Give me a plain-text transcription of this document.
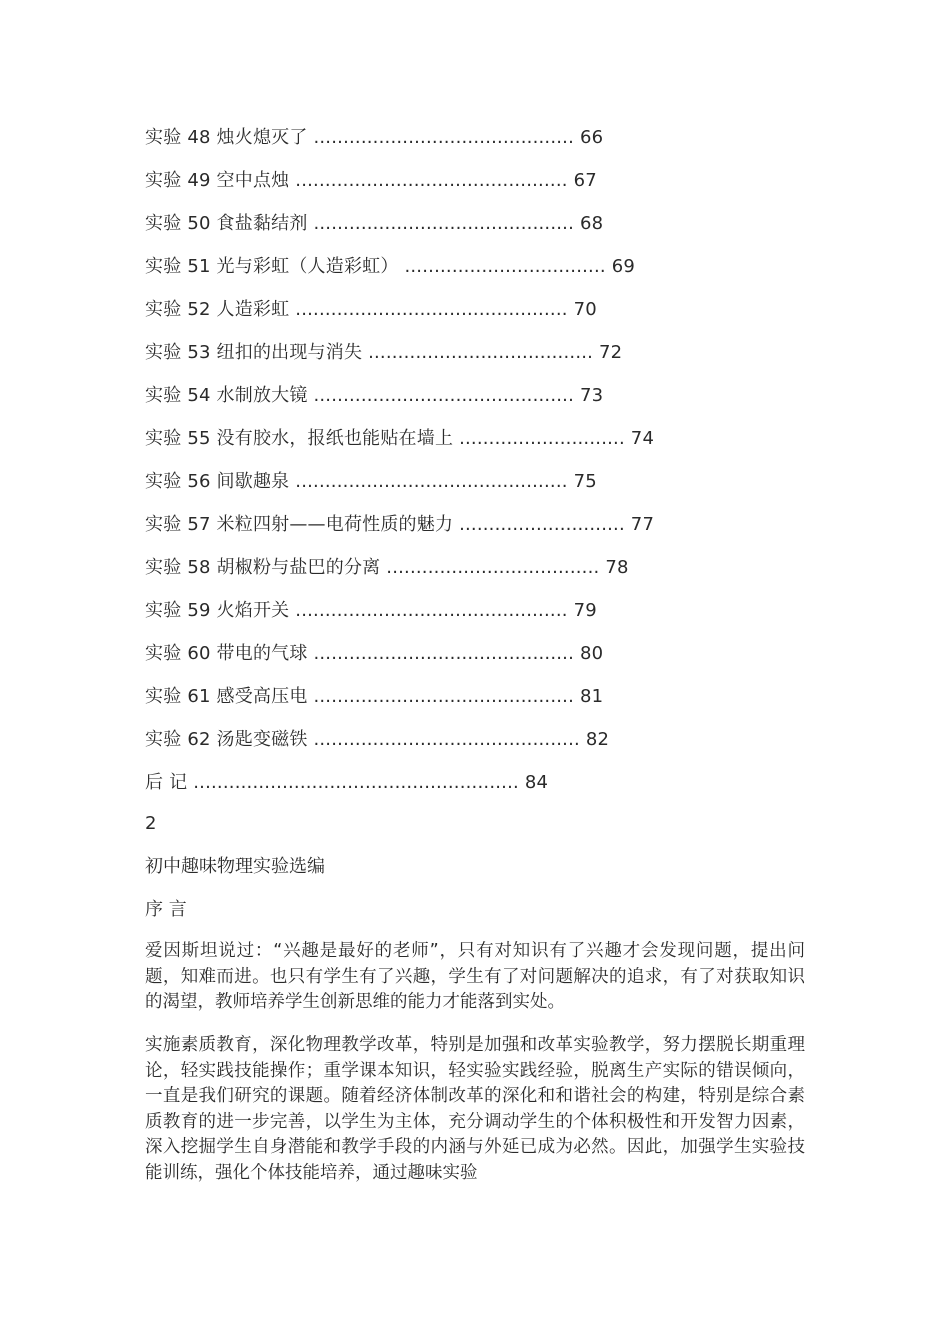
实验 48 烛火熄灭了 ............................................ 66
实验 49 空中点烛 .............................................. 67
实验 50 食盐黏结剂 ............................................ 68
实验 51 光与彩虹（人造彩虹） .................................. 69
实验 52 人造彩虹 .............................................. 70
实验 53 纽扣的出现与消失 ...................................... 72
实验 54 水制放大镜 ............................................ 73
实验 55 没有胶水，报纸也能贴在墙上 ............................ 74
实验 56 间歇趣泉 .............................................. 75
实验 57 米粒四射——电荷性质的魅力 ............................ 77
实验 58 胡椒粉与盐巴的分离 .................................... 78
实验 59 火焰开关 .............................................. 79
实验 60 带电的气球 ............................................ 80
实验 61 感受高压电 ............................................ 81
实验 62 汤匙变磁铁 ............................................. 82
后 记 ....................................................... 84
2
初中趣味物理实验选编
序 言

爱因斯坦说过：“兴趣是最好的老师”，只有对知识有了兴趣才会发现问题，提出问题，知难而进。也只有学生有了兴趣，学生有了对问题解决的追求，有了对获取知识的渴望，教师培养学生创新思维的能力才能落到实处。

实施素质教育，深化物理教学改革，特别是加强和改革实验教学，努力摆脱长期重理论，轻实践技能操作；重学课本知识，轻实验实践经验，脱离生产实际的错误倾向，一直是我们研究的课题。随着经济体制改革的深化和和谐社会的构建，特别是综合素质教育的进一步完善，以学生为主体，充分调动学生的个体积极性和开发智力因素，深入挖掘学生自身潜能和教学手段的内涵与外延已成为必然。因此，加强学生实验技能训练，强化个体技能培养，通过趣味实验
